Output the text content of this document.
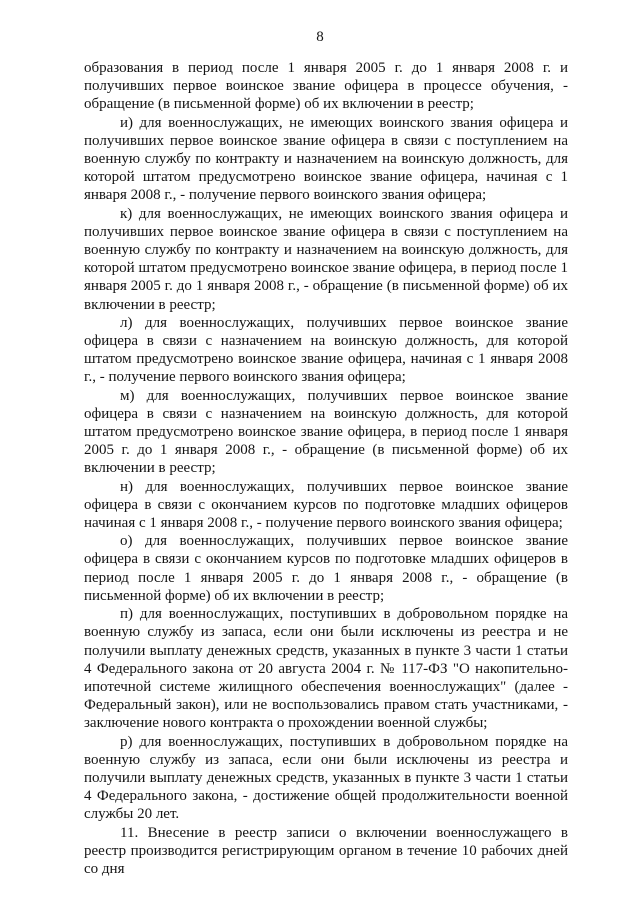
8

образования в период после 1 января 2005 г. до 1 января 2008 г. и получивших первое воинское звание офицера в процессе обучения, - обращение (в письменной форме) об их включении в реестр;

и) для военнослужащих, не имеющих воинского звания офицера и получивших первое воинское звание офицера в связи с поступлением на военную службу по контракту и назначением на воинскую должность, для которой штатом предусмотрено воинское звание офицера, начиная с 1 января 2008 г., - получение первого воинского звания офицера;

к) для военнослужащих, не имеющих воинского звания офицера и получивших первое воинское звание офицера в связи с поступлением на военную службу по контракту и назначением на воинскую должность, для которой штатом предусмотрено воинское звание офицера, в период после 1 января 2005 г. до 1 января 2008 г., - обращение (в письменной форме) об их включении в реестр;

л) для военнослужащих, получивших первое воинское звание офицера в связи с назначением на воинскую должность, для которой штатом предусмотрено воинское звание офицера, начиная с 1 января 2008 г., - получение первого воинского звания офицера;

м) для военнослужащих, получивших первое воинское звание офицера в связи с назначением на воинскую должность, для которой штатом предусмотрено воинское звание офицера, в период после 1 января 2005 г. до 1 января 2008 г., - обращение (в письменной форме) об их включении в реестр;

н) для военнослужащих, получивших первое воинское звание офицера в связи с окончанием курсов по подготовке младших офицеров начиная с 1 января 2008 г., - получение первого воинского звания офицера;

о) для военнослужащих, получивших первое воинское звание офицера в связи с окончанием курсов по подготовке младших офицеров в период после 1 января 2005 г. до 1 января 2008 г., - обращение (в письменной форме) об их включении в реестр;

п) для военнослужащих, поступивших в добровольном порядке на военную службу из запаса, если они были исключены из реестра и не получили выплату денежных средств, указанных в пункте 3 части 1 статьи 4 Федерального закона от 20 августа 2004 г. № 117-ФЗ "О накопительно-ипотечной системе жилищного обеспечения военнослужащих" (далее - Федеральный закон), или не воспользовались правом стать участниками, - заключение нового контракта о прохождении военной службы;

р) для военнослужащих, поступивших в добровольном порядке на военную службу из запаса, если они были исключены из реестра и получили выплату денежных средств, указанных в пункте 3 части 1 статьи 4 Федерального закона, - достижение общей продолжительности военной службы 20 лет.

11. Внесение в реестр записи о включении военнослужащего в реестр производится регистрирующим органом в течение 10 рабочих дней со дня
